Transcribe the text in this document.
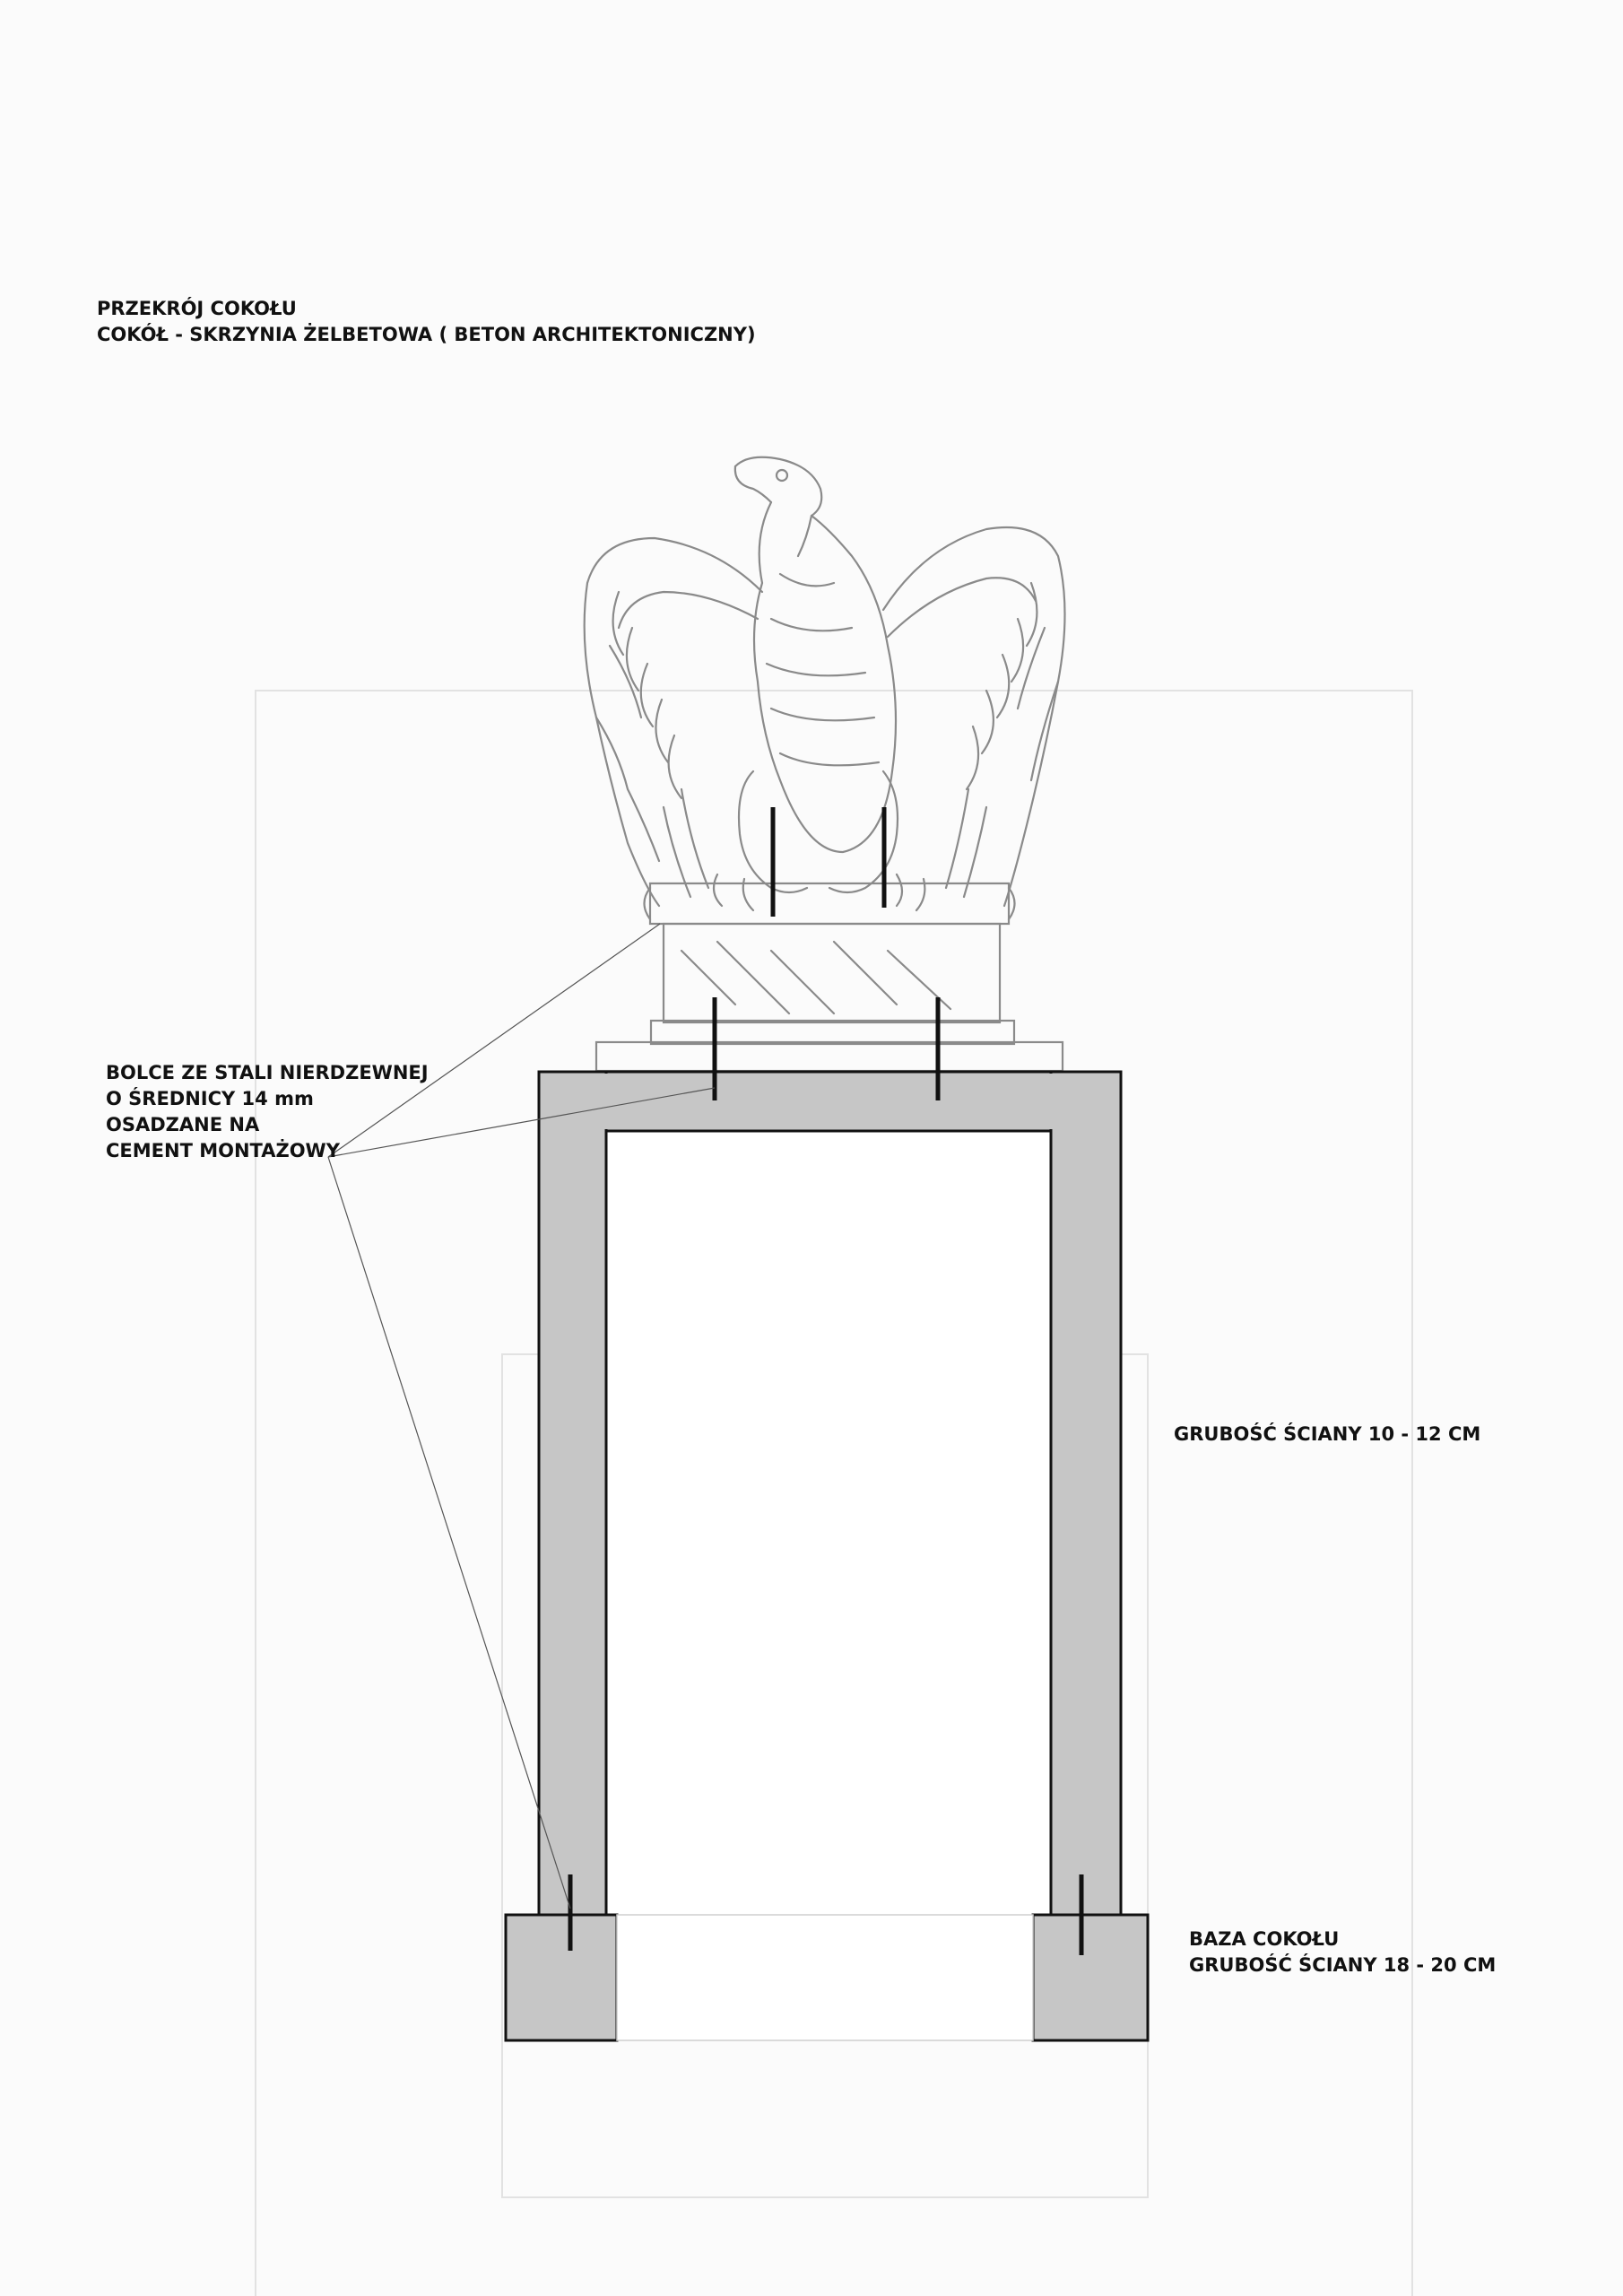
PRZEKRÓJ COKOŁU
COKÓŁ - SKRZYNIA ŻELBETOWA ( BETON ARCHITEKTONICZNY)
BOLCE ZE STALI NIERDZEWNEJ
O ŚREDNICY 14 mm
OSADZANE NA
CEMENT MONTAŻOWY
GRUBOŚĆ ŚCIANY 10 - 12 CM
BAZA COKOŁU
GRUBOŚĆ ŚCIANY 18 - 20 CM
